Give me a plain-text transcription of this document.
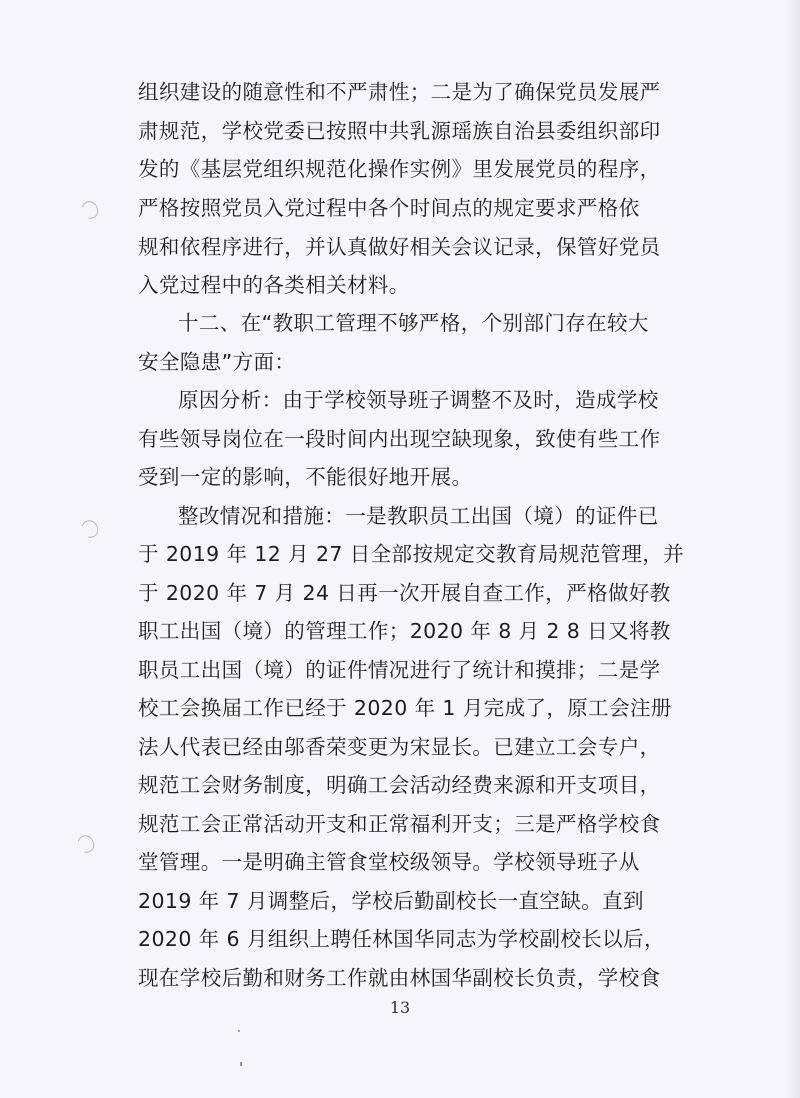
组织建设的随意性和不严肃性；二是为了确保党员发展严
肃规范，学校党委已按照中共乳源瑶族自治县委组织部印
发的《基层党组织规范化操作实例》里发展党员的程序，
严格按照党员入党过程中各个时间点的规定要求严格依
规和依程序进行，并认真做好相关会议记录，保管好党员
入党过程中的各类相关材料。
十二、在“教职工管理不够严格，个别部门存在较大
安全隐患”方面：
原因分析：由于学校领导班子调整不及时，造成学校
有些领导岗位在一段时间内出现空缺现象，致使有些工作
受到一定的影响，不能很好地开展。
整改情况和措施：一是教职员工出国（境）的证件已
于 2019 年 12 月 27 日全部按规定交教育局规范管理，并
于 2020 年 7 月 24 日再一次开展自查工作，严格做好教
职工出国（境）的管理工作；2020 年 8 月 2 8 日又将教
职员工出国（境）的证件情况进行了统计和摸排；二是学
校工会换届工作已经于 2020 年 1 月完成了，原工会注册
法人代表已经由邬香荣变更为宋显长。已建立工会专户，
规范工会财务制度，明确工会活动经费来源和开支项目，
规范工会正常活动开支和正常福利开支；三是严格学校食
堂管理。一是明确主管食堂校级领导。学校领导班子从
2019 年 7 月调整后，学校后勤副校长一直空缺。直到
2020 年 6 月组织上聘任林国华同志为学校副校长以后，
现在学校后勤和财务工作就由林国华副校长负责，学校食
13
